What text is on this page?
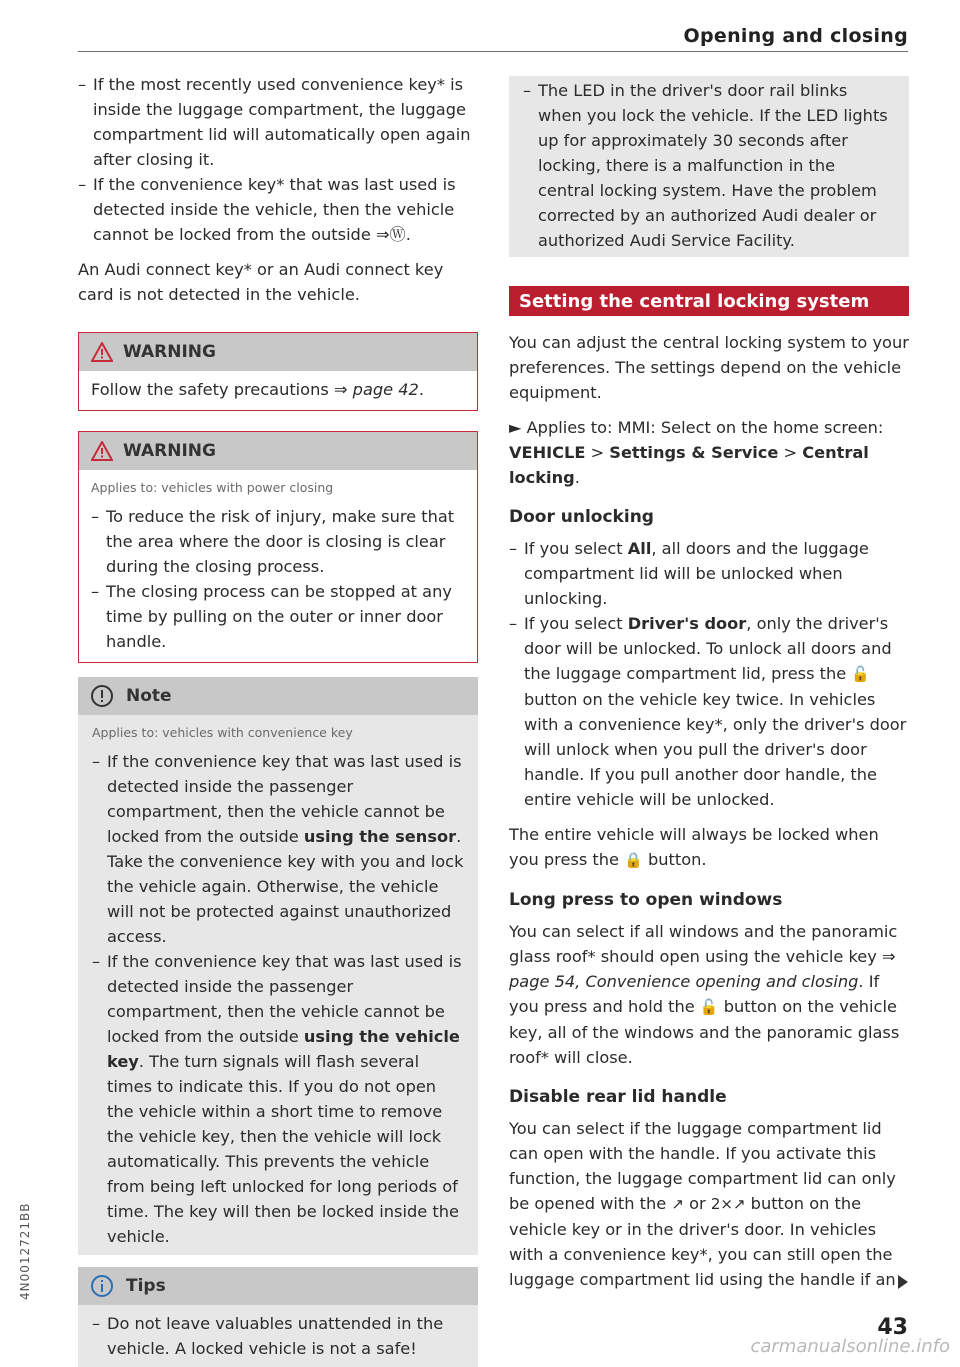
Opening and closing
– If the most recently used convenience key* is inside the luggage compartment, the luggage compartment lid will automatically open again after closing it.
– If the convenience key* that was last used is detected inside the vehicle, then the vehicle cannot be locked from the outside ⇒Ⓦ.

An Audi connect key* or an Audi connect key card is not detected in the vehicle.

WARNING
Follow the safety precautions ⇒ page 42.
WARNING
Applies to: vehicles with power closing
– To reduce the risk of injury, make sure that the area where the door is closing is clear during the closing process.
– The closing process can be stopped at any time by pulling on the outer or inner door handle.
Note
Applies to: vehicles with convenience key
– If the convenience key that was last used is detected inside the passenger compartment, then the vehicle cannot be locked from the outside using the sensor. Take the convenience key with you and lock the vehicle again. Otherwise, the vehicle will not be protected against unauthorized access.
– If the convenience key that was last used is detected inside the passenger compartment, then the vehicle cannot be locked from the outside using the vehicle key. The turn signals will flash several times to indicate this. If you do not open the vehicle within a short time to remove the vehicle key, then the vehicle will lock automatically. This prevents the vehicle from being left unlocked for long periods of time. The key will then be locked inside the vehicle.
Tips
– Do not leave valuables unattended in the vehicle. A locked vehicle is not a safe!
– The LED in the driver's door rail blinks when you lock the vehicle. If the LED lights up for approximately 30 seconds after locking, there is a malfunction in the central locking system. Have the problem corrected by an authorized Audi dealer or authorized Audi Service Facility.
Setting the central locking system

You can adjust the central locking system to your preferences. The settings depend on the vehicle equipment.

► Applies to: MMI: Select on the home screen: VEHICLE > Settings & Service > Central locking.

Door unlocking
– If you select All, all doors and the luggage compartment lid will be unlocked when unlocking.
– If you select Driver's door, only the driver's door will be unlocked. To unlock all doors and the luggage compartment lid, press the 🔓 button on the vehicle key twice. In vehicles with a convenience key*, only the driver's door will unlock when you pull the driver's door handle. If you pull another door handle, the entire vehicle will be unlocked.

The entire vehicle will always be locked when you press the 🔒 button.

Long press to open windows

You can select if all windows and the panoramic glass roof* should open using the vehicle key ⇒ page 54, Convenience opening and closing. If you press and hold the 🔓 button on the vehicle key, all of the windows and the panoramic glass roof* will close.

Disable rear lid handle

You can select if the luggage compartment lid can open with the handle. If you activate this function, the luggage compartment lid can only be opened with the ↗ or 2×↗ button on the vehicle key or in the driver's door. In vehicles with a convenience key*, you can still open the luggage compartment lid using the handle if an

43
4N0012721BB
carmanualsonline.info
